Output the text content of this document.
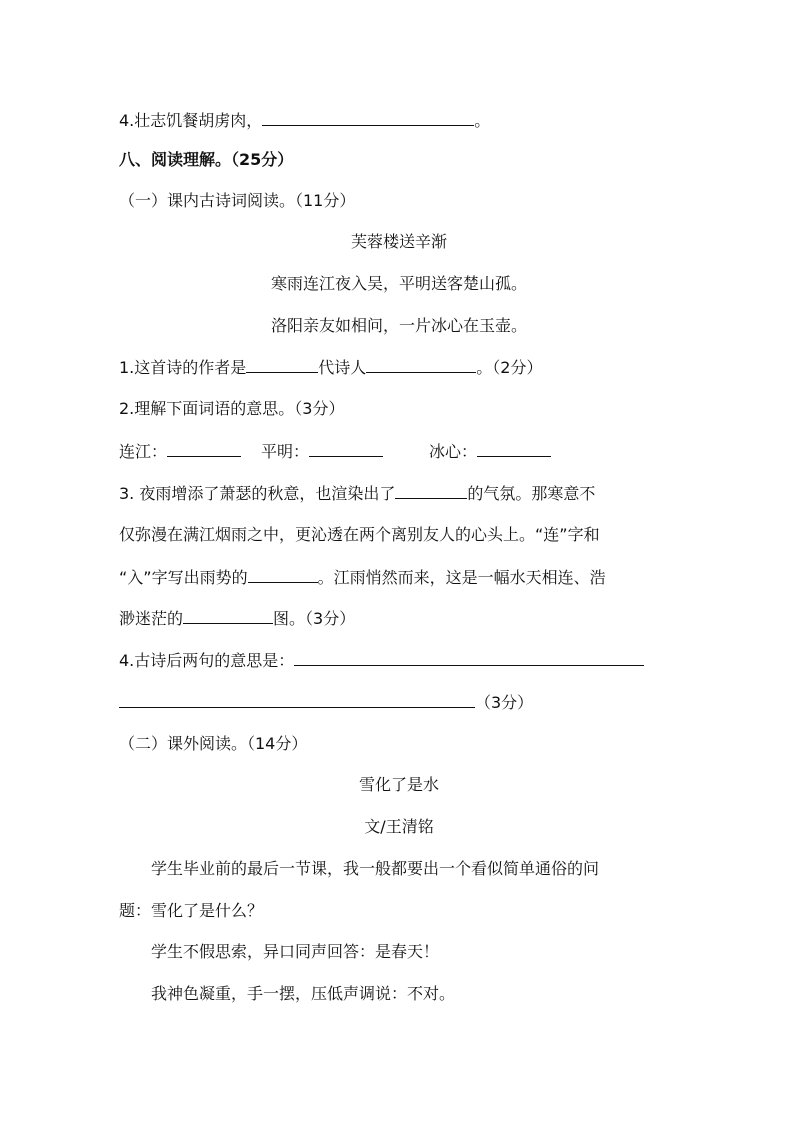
4.壮志饥餐胡虏肉，	。
八、阅读理解。（25分）
（一）课内古诗词阅读。（11分）
芙蓉楼送辛渐
寒雨连江夜入吴，平明送客楚山孤。
洛阳亲友如相问，一片冰心在玉壶。
1.这首诗的作者是	代诗人	。（2分）
2.理解下面词语的意思。（3分）
连江：	平明：	冰心：
3. 夜雨增添了萧瑟的秋意，也渲染出了	的气氛。那寒意不
仅弥漫在满江烟雨之中，更沁透在两个离别友人的心头上。“连”字和
“入”字写出雨势的	。江雨悄然而来，这是一幅水天相连、浩
渺迷茫的	图。（3分）
4.古诗后两句的意思是：
（3分）
（二）课外阅读。（14分）
雪化了是水
文/王清铭
学生毕业前的最后一节课，我一般都要出一个看似简单通俗的问
题：雪化了是什么？
学生不假思索，异口同声回答：是春天！
我神色凝重，手一摆，压低声调说：不对。
